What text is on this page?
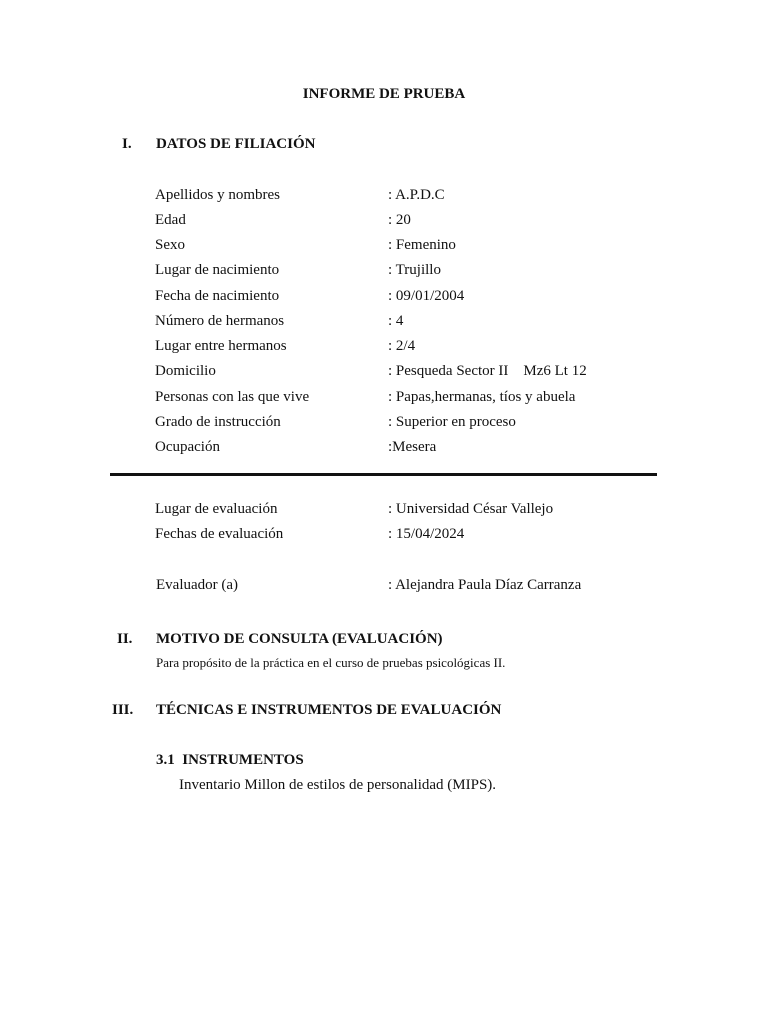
INFORME DE PRUEBA
I. DATOS DE FILIACIÓN
Apellidos y nombres	: A.P.D.C
Edad	: 20
Sexo	: Femenino
Lugar de nacimiento	: Trujillo
Fecha de nacimiento	: 09/01/2004
Número de hermanos	: 4
Lugar entre hermanos	: 2/4
Domicilio	: Pesqueda Sector II    Mz6 Lt 12
Personas con las que vive	: Papas,hermanas, tíos y abuela
Grado de instrucción	: Superior en proceso
Ocupación	:Mesera
Lugar de evaluación	: Universidad César Vallejo
Fechas de evaluación	: 15/04/2024
Evaluador (a)	: Alejandra Paula Díaz Carranza
II. MOTIVO DE CONSULTA (EVALUACIÓN)
Para propósito de la práctica en el curso de pruebas psicológicas II.
III. TÉCNICAS E INSTRUMENTOS DE EVALUACIÓN
3.1  INSTRUMENTOS
Inventario Millon de estilos de personalidad (MIPS).
